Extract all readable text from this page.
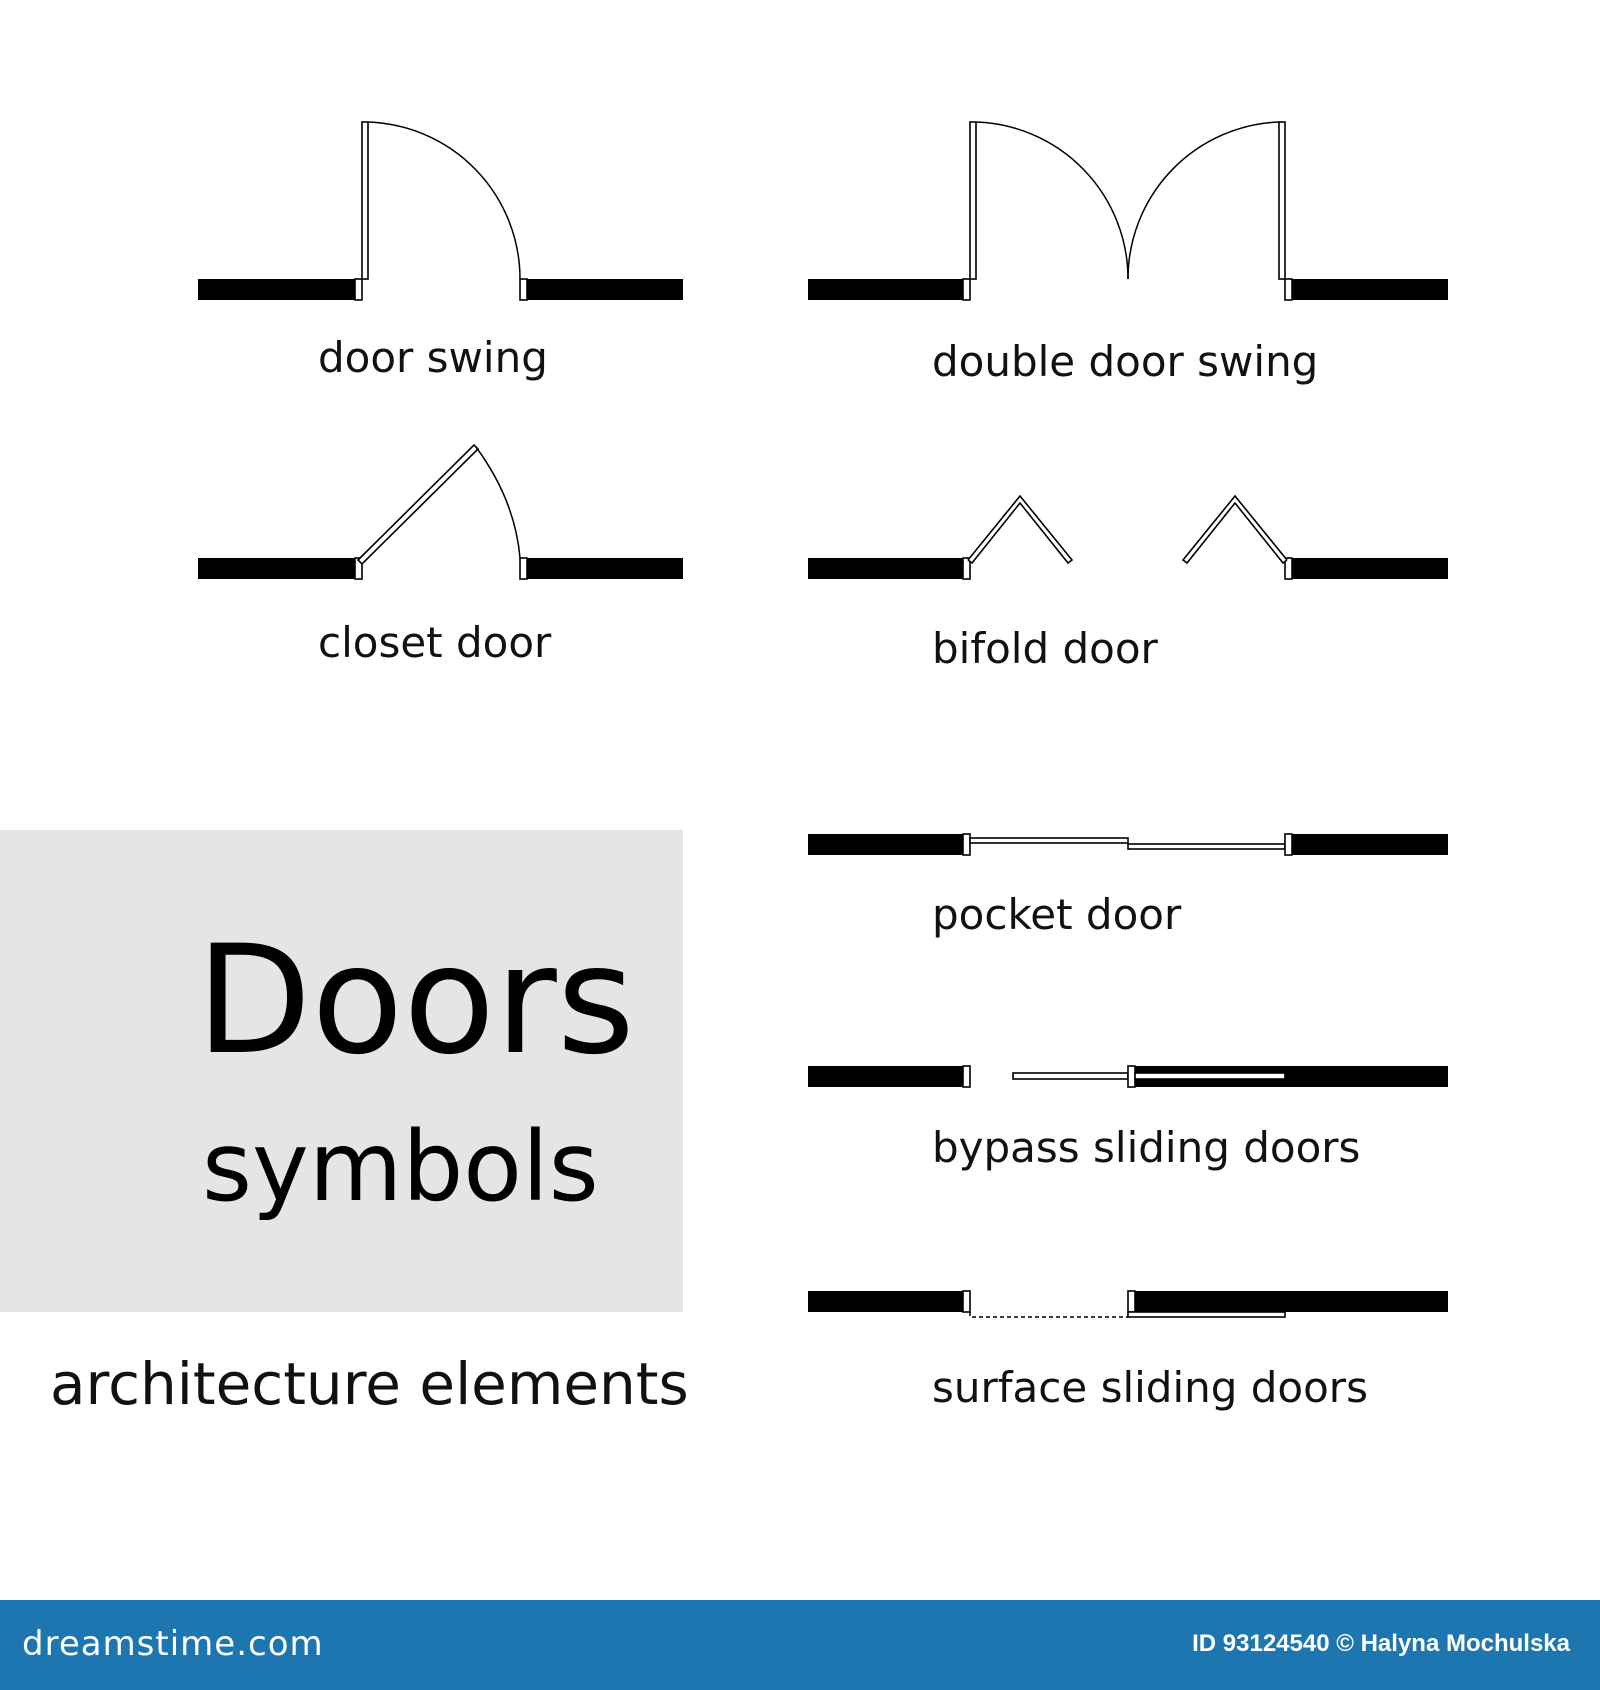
Doors
symbols
architecture elements
door swing	double door swing
closet door	bifold door
pocket door
bypass sliding doors
surface sliding doors
dreamstime.com	ID 93124540 © Halyna Mochulska
